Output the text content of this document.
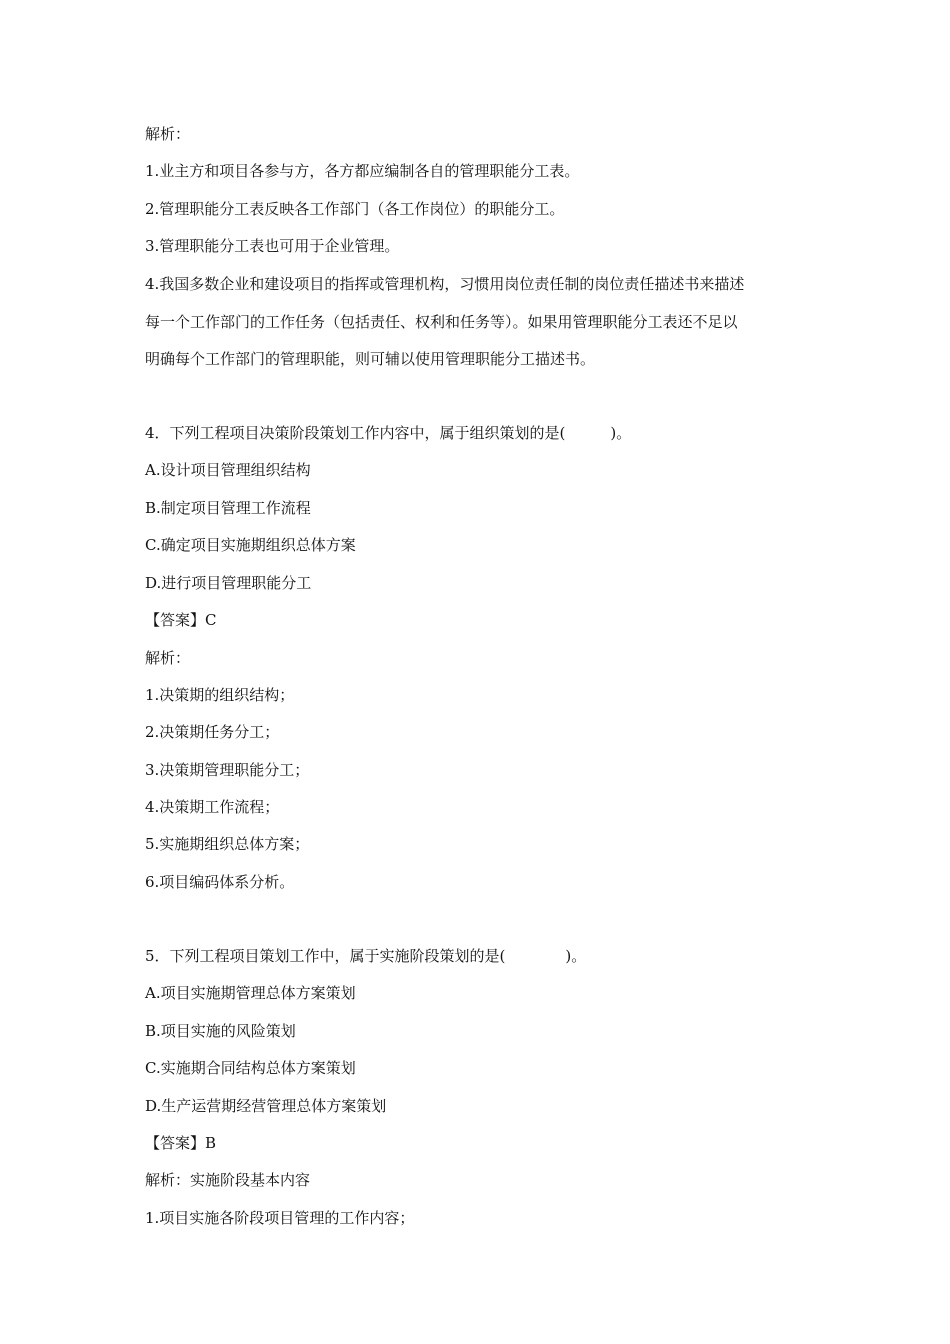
解析：
1.业主方和项目各参与方，各方都应编制各自的管理职能分工表。
2.管理职能分工表反映各工作部门（各工作岗位）的职能分工。
3.管理职能分工表也可用于企业管理。
4.我国多数企业和建设项目的指挥或管理机构，习惯用岗位责任制的岗位责任描述书来描述
每一个工作部门的工作任务（包括责任、权利和任务等）。如果用管理职能分工表还不足以
明确每个工作部门的管理职能，则可辅以使用管理职能分工描述书。
4．下列工程项目决策阶段策划工作内容中，属于组织策划的是(　　　)。
A.设计项目管理组织结构
B.制定项目管理工作流程
C.确定项目实施期组织总体方案
D.进行项目管理职能分工
【答案】C
解析：
1.决策期的组织结构；
2.决策期任务分工；
3.决策期管理职能分工；
4.决策期工作流程；
5.实施期组织总体方案；
6.项目编码体系分析。
5．下列工程项目策划工作中，属于实施阶段策划的是(　　　　)。
A.项目实施期管理总体方案策划
B.项目实施的风险策划
C.实施期合同结构总体方案策划
D.生产运营期经营管理总体方案策划
【答案】B
解析：实施阶段基本内容
1.项目实施各阶段项目管理的工作内容；
